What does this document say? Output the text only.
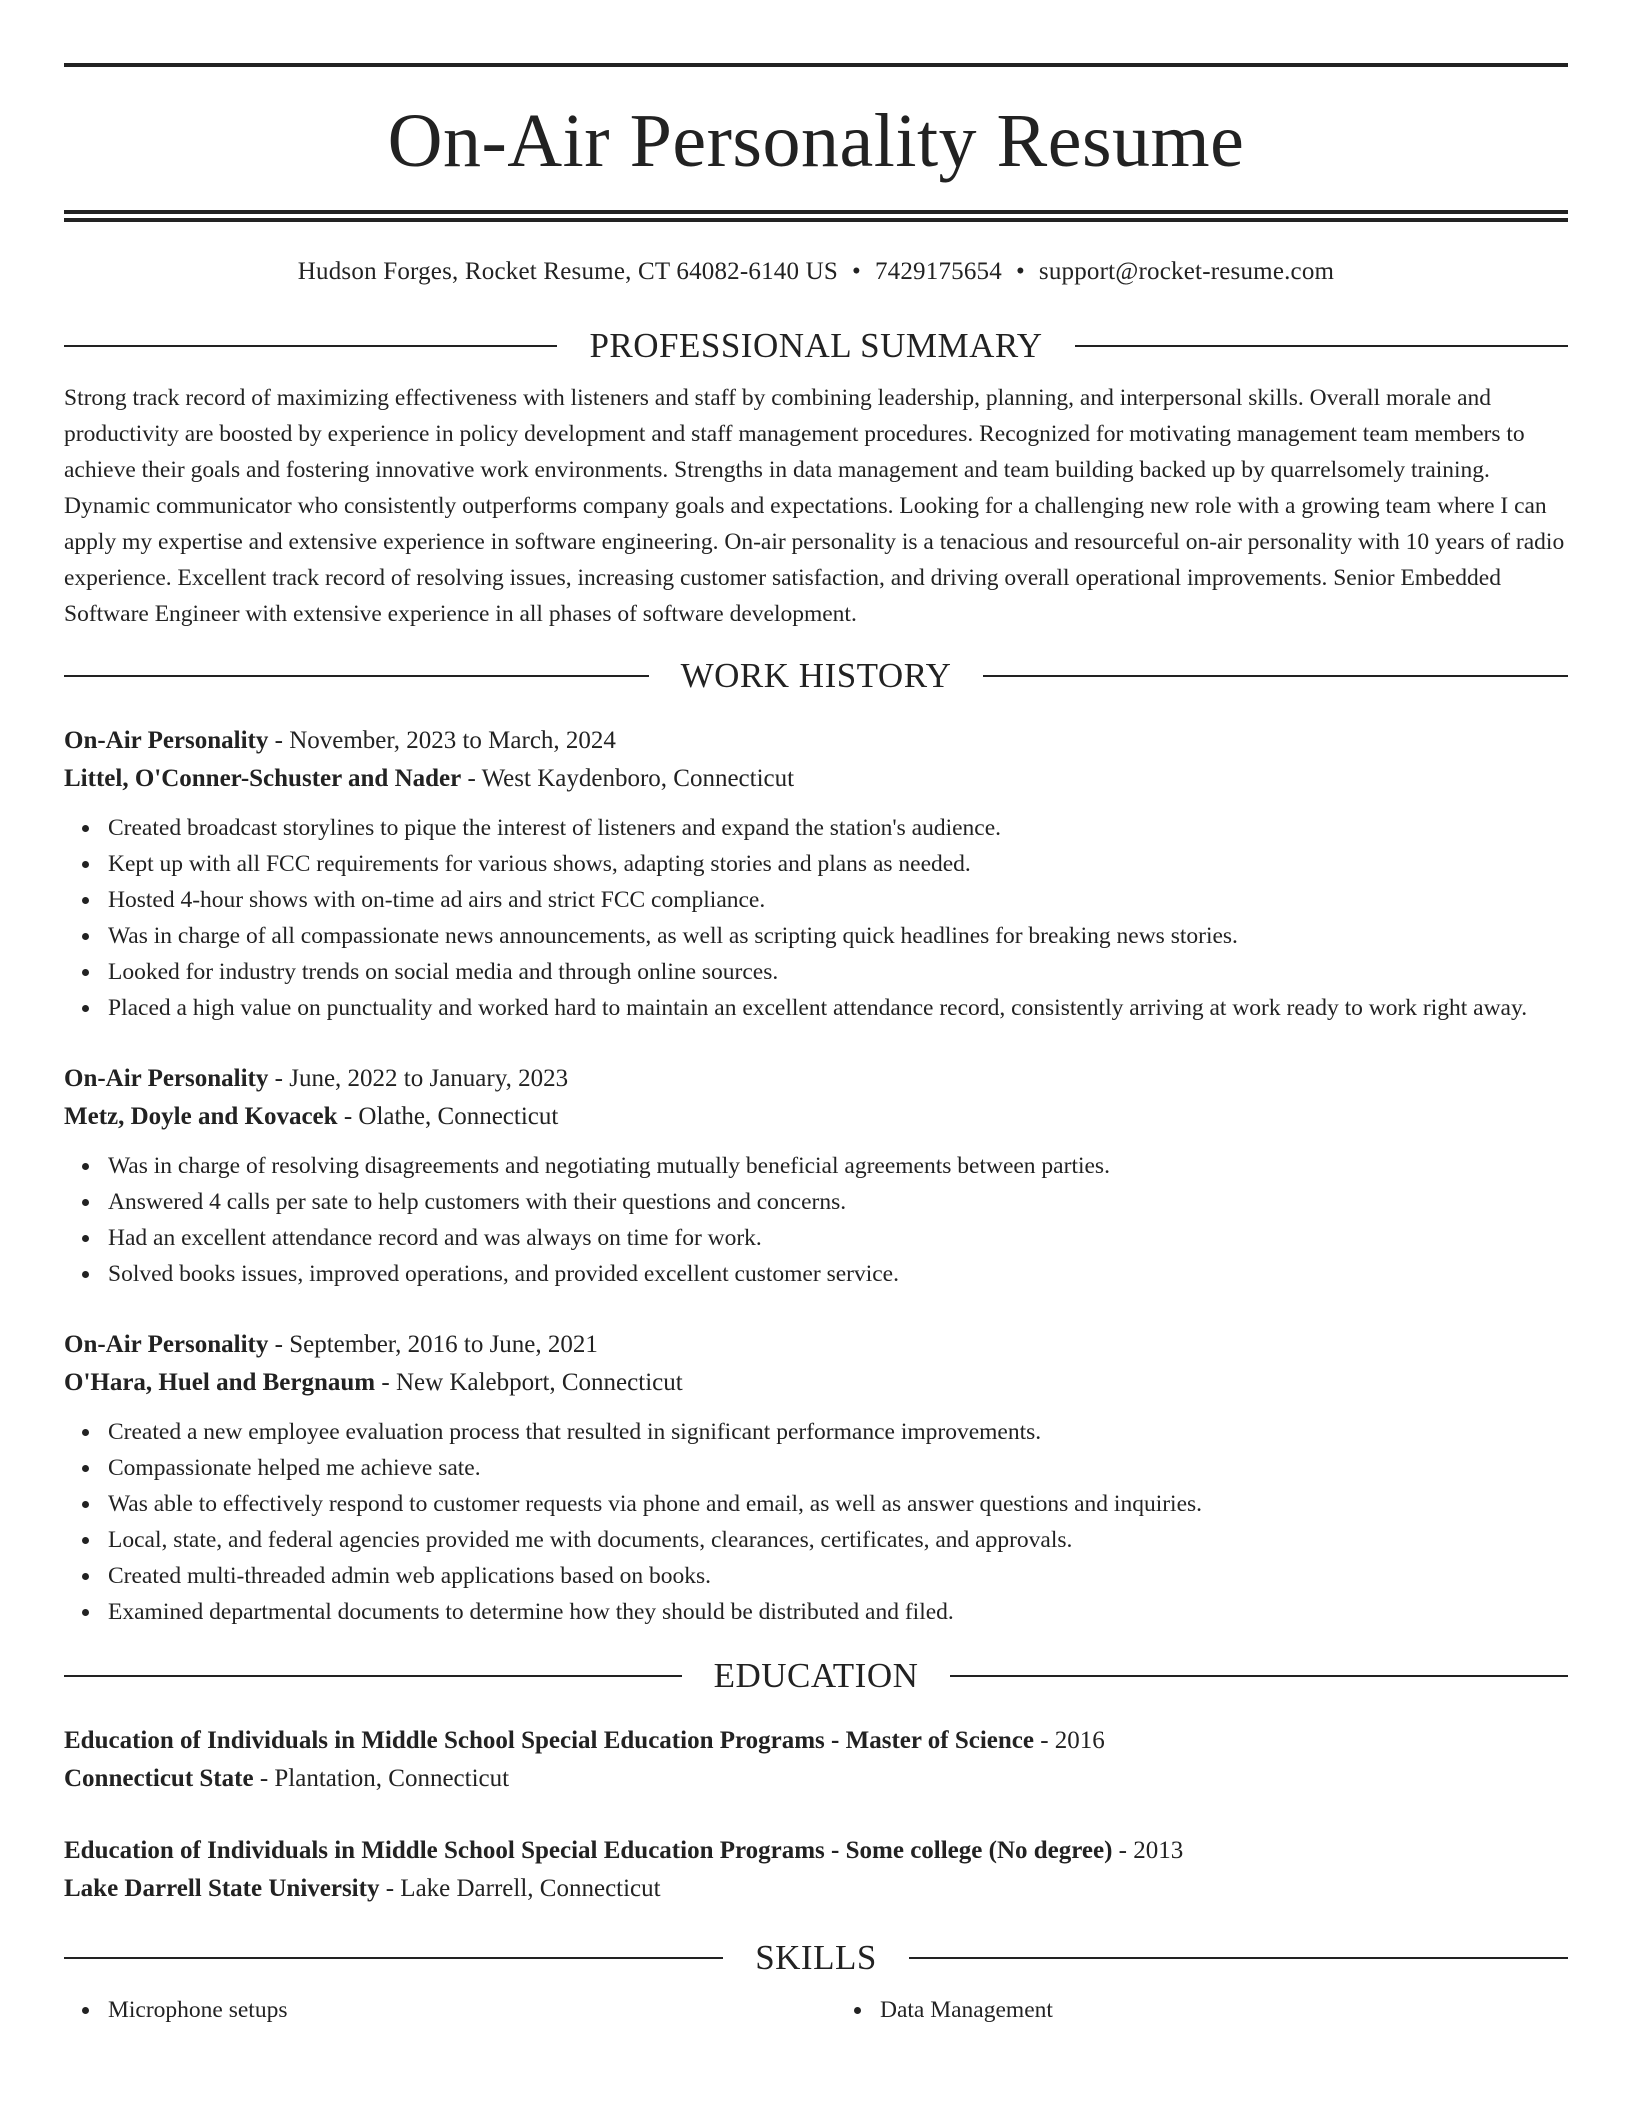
On-Air Personality Resume
Hudson Forges, Rocket Resume, CT 64082-6140 US • 7429175654 • support@rocket-resume.com
PROFESSIONAL SUMMARY

Strong track record of maximizing effectiveness with listeners and staff by combining leadership, planning, and interpersonal skills. Overall morale and productivity are boosted by experience in policy development and staff management procedures. Recognized for motivating management team members to achieve their goals and fostering innovative work environments. Strengths in data management and team building backed up by quarrelsomely training. Dynamic communicator who consistently outperforms company goals and expectations. Looking for a challenging new role with a growing team where I can apply my expertise and extensive experience in software engineering. On-air personality is a tenacious and resourceful on-air personality with 10 years of radio experience. Excellent track record of resolving issues, increasing customer satisfaction, and driving overall operational improvements. Senior Embedded Software Engineer with extensive experience in all phases of software development.

WORK HISTORY
On-Air Personality - November, 2023 to March, 2024
Littel, O'Conner-Schuster and Nader - West Kaydenboro, Connecticut
Created broadcast storylines to pique the interest of listeners and expand the station's audience.
Kept up with all FCC requirements for various shows, adapting stories and plans as needed.
Hosted 4-hour shows with on-time ad airs and strict FCC compliance.
Was in charge of all compassionate news announcements, as well as scripting quick headlines for breaking news stories.
Looked for industry trends on social media and through online sources.
Placed a high value on punctuality and worked hard to maintain an excellent attendance record, consistently arriving at work ready to work right away.
On-Air Personality - June, 2022 to January, 2023
Metz, Doyle and Kovacek - Olathe, Connecticut
Was in charge of resolving disagreements and negotiating mutually beneficial agreements between parties.
Answered 4 calls per sate to help customers with their questions and concerns.
Had an excellent attendance record and was always on time for work.
Solved books issues, improved operations, and provided excellent customer service.
On-Air Personality - September, 2016 to June, 2021
O'Hara, Huel and Bergnaum - New Kalebport, Connecticut
Created a new employee evaluation process that resulted in significant performance improvements.
Compassionate helped me achieve sate.
Was able to effectively respond to customer requests via phone and email, as well as answer questions and inquiries.
Local, state, and federal agencies provided me with documents, clearances, certificates, and approvals.
Created multi-threaded admin web applications based on books.
Examined departmental documents to determine how they should be distributed and filed.
EDUCATION
Education of Individuals in Middle School Special Education Programs - Master of Science - 2016
Connecticut State - Plantation, Connecticut
Education of Individuals in Middle School Special Education Programs - Some college (No degree) - 2013
Lake Darrell State University - Lake Darrell, Connecticut
SKILLS
Microphone setups	Data Management
